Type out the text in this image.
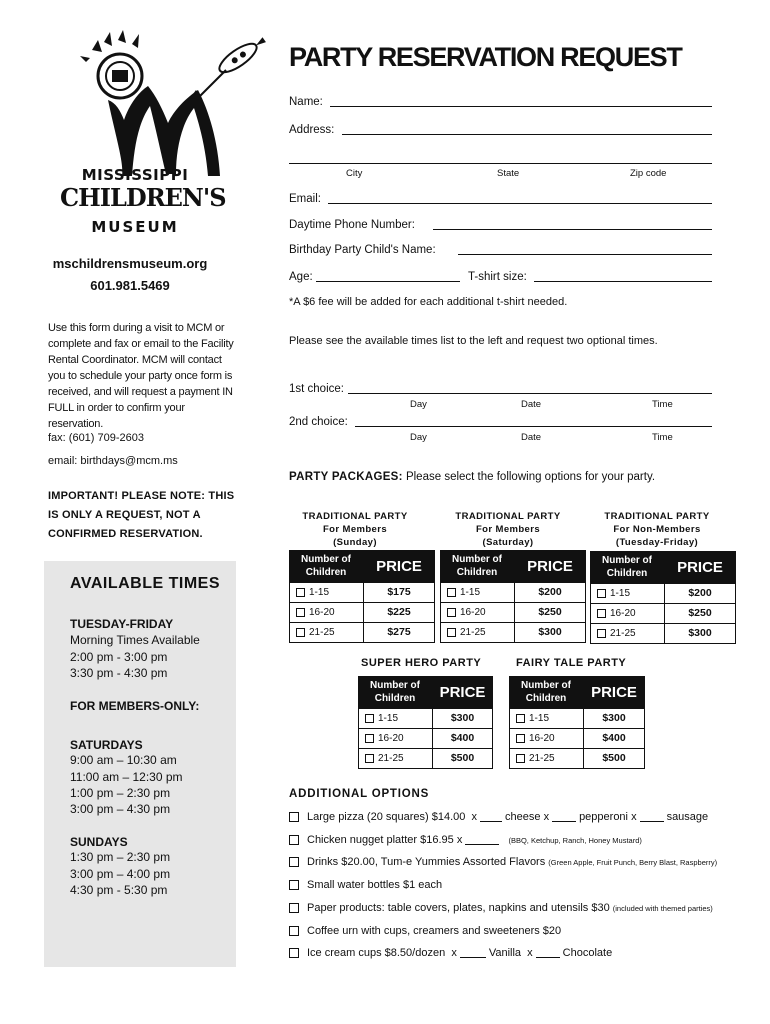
MISSISSIPPI
CHILDREN'S
MUSEUM
mschildrensmuseum.org
601.981.5469
Use this form during a visit to MCM or complete and fax or email to the Facility Rental Coordinator. MCM will contact you to schedule your party once form is received, and will request a payment IN FULL in order to confirm your reservation.
fax: (601) 709-2603
email: birthdays@mcm.ms
IMPORTANT! PLEASE NOTE: THIS IS ONLY A REQUEST, NOT A CONFIRMED RESERVATION.
AVAILABLE TIMES
TUESDAY-FRIDAY
Morning Times Available
2:00 pm - 3:00 pm
3:30 pm - 4:30 pm
FOR MEMBERS-ONLY:
SATURDAYS
9:00 am – 10:30 am
11:00 am – 12:30 pm
1:00 pm – 2:30 pm
3:00 pm – 4:30 pm
SUNDAYS
1:30 pm – 2:30 pm
3:00 pm – 4:00 pm
4:30 pm - 5:30 pm
PARTY RESERVATION REQUEST
Name:
Address:
City	State	Zip code
Email:
Daytime Phone Number:
Birthday Party Child's Name:
Age:	T-shirt size:
*A $6 fee will be added for each additional t-shirt needed.
Please see the available times list to the left and request two optional times.
1st choice:
Day	Date	Time
2nd choice:
Day	Date	Time
PARTY PACKAGES: Please select the following options for your party.
TRADITIONAL PARTY
For Members
(Sunday)
TRADITIONAL PARTY
For Members
(Saturday)
TRADITIONAL PARTY
For Non-Members
(Tuesday-Friday)
Number of Children	PRICE
1-15	$175
16-20	$225
21-25	$275
Number of Children	PRICE
1-15	$200
16-20	$250
21-25	$300
Number of Children	PRICE
1-15	$200
16-20	$250
21-25	$300
SUPER HERO PARTY	FAIRY TALE PARTY
Number of Children	PRICE
1-15	$300
16-20	$400
21-25	$500
Number of Children	PRICE
1-15	$300
16-20	$400
21-25	$500
ADDITIONAL OPTIONS
Large pizza (20 squares) $14.00
x	cheese
x	pepperoni
x	sausage
Chicken nugget platter $16.95
x
	(BBQ, Ketchup, Ranch, Honey Mustard)
Drinks $20.00, Tum-e Yummies Assorted Flavors
(Green Apple, Fruit Punch, Berry Blast, Raspberry)
Small water bottles $1 each
Paper products: table covers, plates, napkins and utensils $30
(included with themed parties)
Coffee urn with cups, creamers and sweeteners $20
Ice cream cups $8.50/dozen
x	Vanilla
x	Chocolate
